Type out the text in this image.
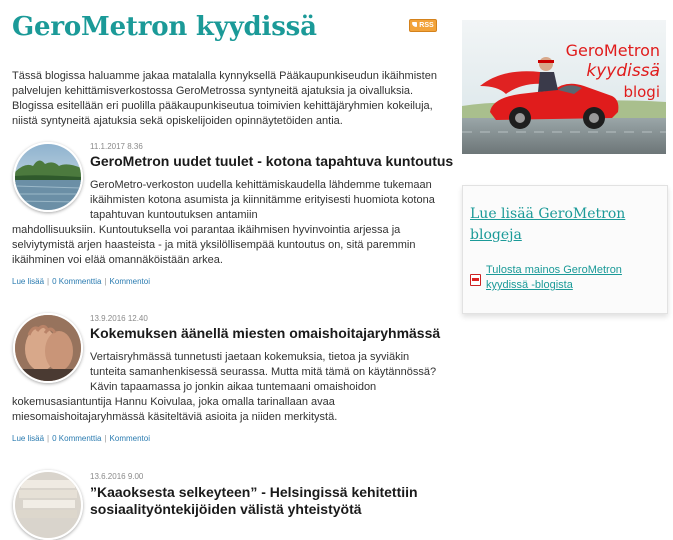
GeroMetron kyydissä	RSS

Tässä blogissa haluamme jakaa matalalla kynnyksellä Pääkaupunkiseudun ikäihmisten palvelujen kehittämisverkostossa GeroMetrossa syntyneitä ajatuksia ja oivalluksia. Blogissa esitellään eri puolilla pääkaupunkiseutua toimivien kehittäjäryhmien kokeiluja, niistä syntyneitä ajatuksia sekä opiskelijoiden opinnäytetöiden antia.

11.1.2017 8.36
GeroMetron uudet tuulet - kotona tapahtuva kuntoutus

GeroMetro-verkoston uudella kehittämiskaudella lähdemme tukemaan ikäihmisten kotona asumista ja kiinnitämme erityisesti huomiota kotona tapahtuvan kuntoutuksen antamiin

mahdollisuuksiin. Kuntoutuksella voi parantaa ikäihmisen hyvinvointia arjessa ja selviytymistä arjen haasteista - ja mitä yksilöllisempää kuntoutus on, sitä paremmin ikäihminen voi elää omannäköistään arkea.

Lue lisää | 0 Kommenttia | Kommentoi
13.9.2016 12.40
Kokemuksen äänellä miesten omaishoitajaryhmässä

Vertaisryhmässä tunnetusti jaetaan kokemuksia, tietoa ja syviäkin tunteita samanhenkisessä seurassa. Mutta mitä tämä on käytännössä? Kävin tapaamassa jo jonkin aikaa tuntemaani omaishoidon

kokemusasiantuntija Hannu Koivulaa, joka omalla tarinallaan avaa miesomaishoitajaryhmässä käsiteltäviä asioita ja niiden merkitystä.

Lue lisää | 0 Kommenttia | Kommentoi
13.6.2016 9.00
”Kaaoksesta selkeyteen” - Helsingissä kehitettiin sosiaalityöntekijöiden välistä yhteistyötä
GeroMetron
kyydissä
blogi
Lue lisää GeroMetron blogeja
Tulosta mainos GeroMetron kyydissä -blogista
